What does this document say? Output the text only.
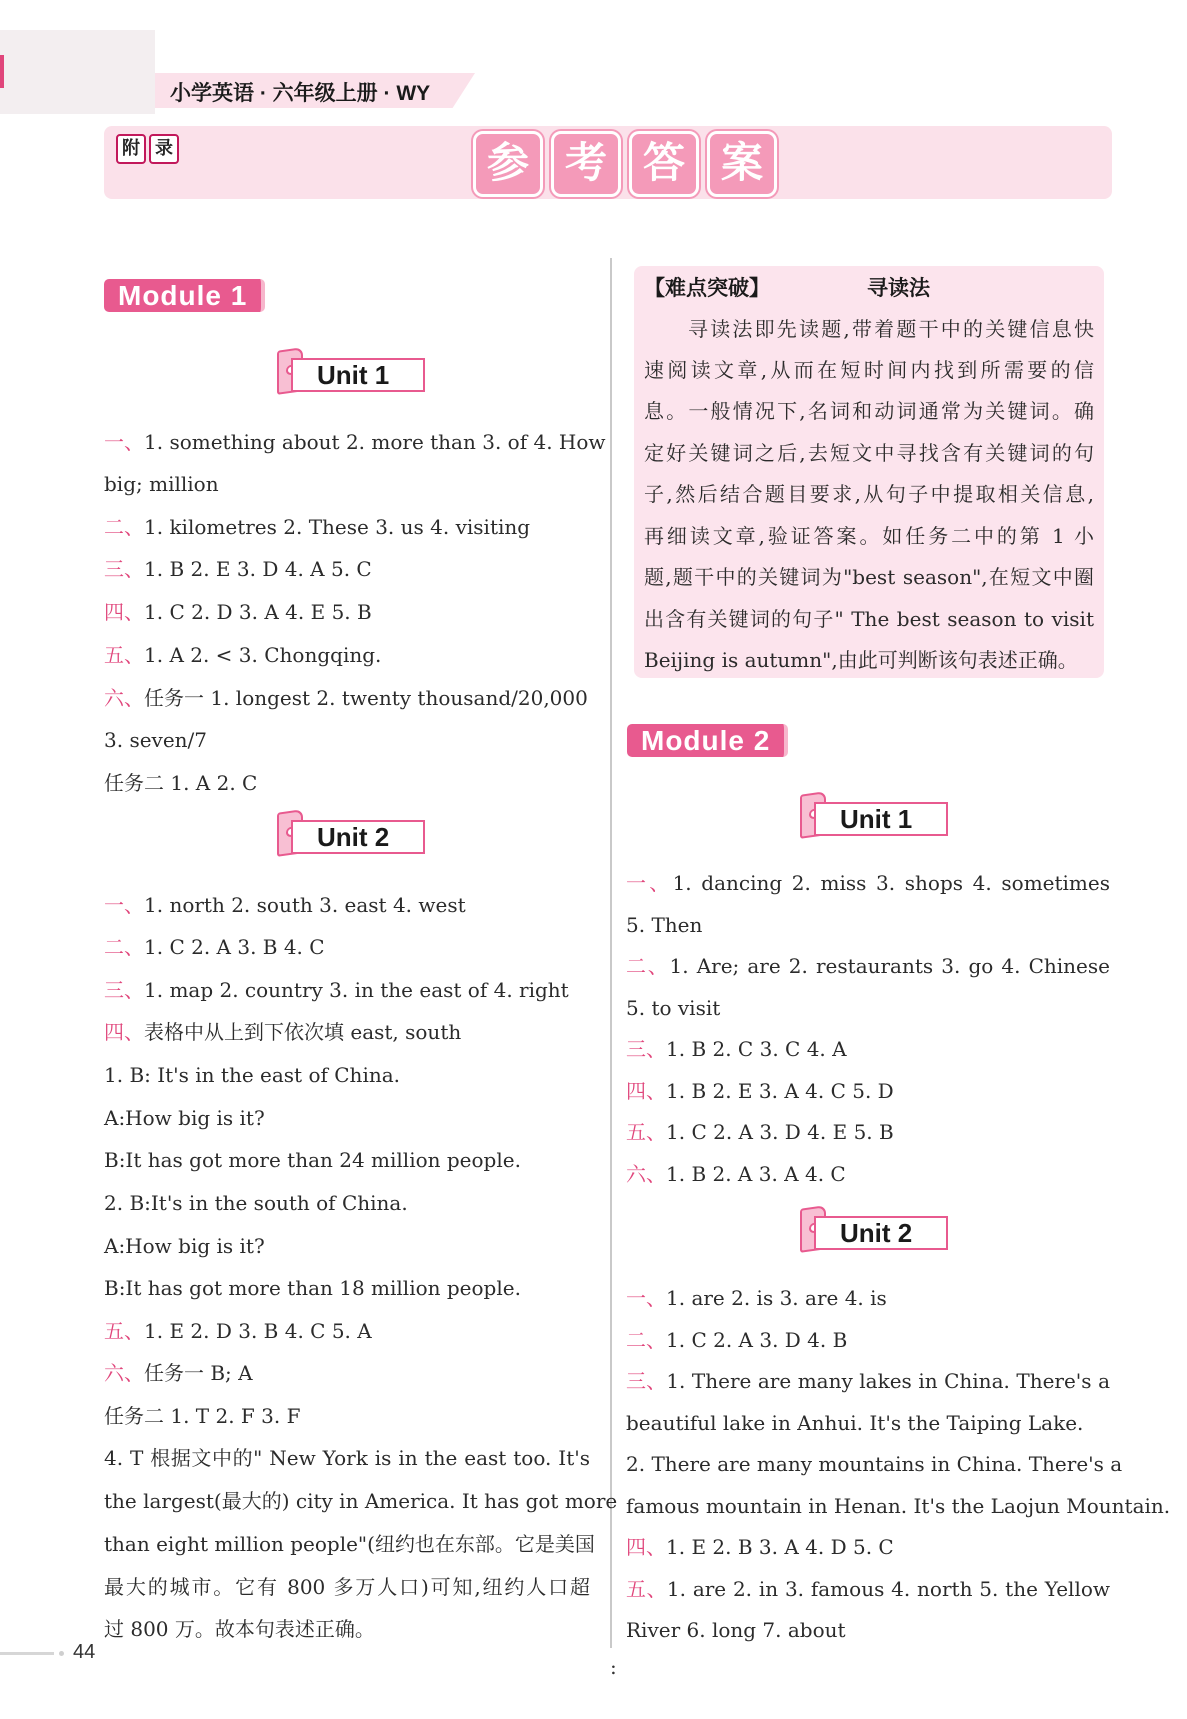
小学英语 · 六年级上册 · WY
附 录	参 考 答 案
Module 1
Unit 1
一、1. something about 2. more than 3. of 4. How
big; million
二、1. kilometres 2. These 3. us 4. visiting
三、1. B 2. E 3. D 4. A 5. C
四、1. C 2. D 3. A 4. E 5. B
五、1. A 2. < 3. Chongqing.
六、任务一 1. longest 2. twenty thousand/20,000
3. seven/7
任务二 1. A 2. C
Unit 2
一、1. north 2. south 3. east 4. west
二、1. C 2. A 3. B 4. C
三、1. map 2. country 3. in the east of 4. right
四、表格中从上到下依次填 east, south
1. B: It's in the east of China.
A:How big is it?
B:It has got more than 24 million people.
2. B:It's in the south of China.
A:How big is it?
B:It has got more than 18 million people.
五、1. E 2. D 3. B 4. C 5. A
六、任务一 B; A
任务二 1. T 2. F 3. F
4. T 根据文中的" New York is in the east too. It's
the largest(最大的) city in America. It has got more
than eight million people"(纽约也在东部。它是美国
最大的城市。它有 800 多万人口)可知,纽约人口超
过 800 万。故本句表述正确。
【难点突破】	寻读法
寻读法即先读题,带着题干中的关键信息快
速阅读文章,从而在短时间内找到所需要的信
息。一般情况下,名词和动词通常为关键词。确
定好关键词之后,去短文中寻找含有关键词的句
子,然后结合题目要求,从句子中提取相关信息,
再细读文章,验证答案。如任务二中的第 1 小
题,题干中的关键词为"best season",在短文中圈
出含有关键词的句子" The best season to visit
Beijing is autumn",由此可判断该句表述正确。
Module 2
Unit 1
一、1. dancing 2. miss 3. shops 4. sometimes
5. Then
二、1. Are; are 2. restaurants 3. go 4. Chinese
5. to visit
三、1. B 2. C 3. C 4. A
四、1. B 2. E 3. A 4. C 5. D
五、1. C 2. A 3. D 4. E 5. B
六、1. B 2. A 3. A 4. C
Unit 2
一、1. are 2. is 3. are 4. is
二、1. C 2. A 3. D 4. B
三、1. There are many lakes in China. There's a
beautiful lake in Anhui. It's the Taiping Lake.
2. There are many mountains in China. There's a
famous mountain in Henan. It's the Laojun Mountain.
四、1. E 2. B 3. A 4. D 5. C
五、1. are 2. in 3. famous 4. north 5. the Yellow
River 6. long 7. about
44
:
